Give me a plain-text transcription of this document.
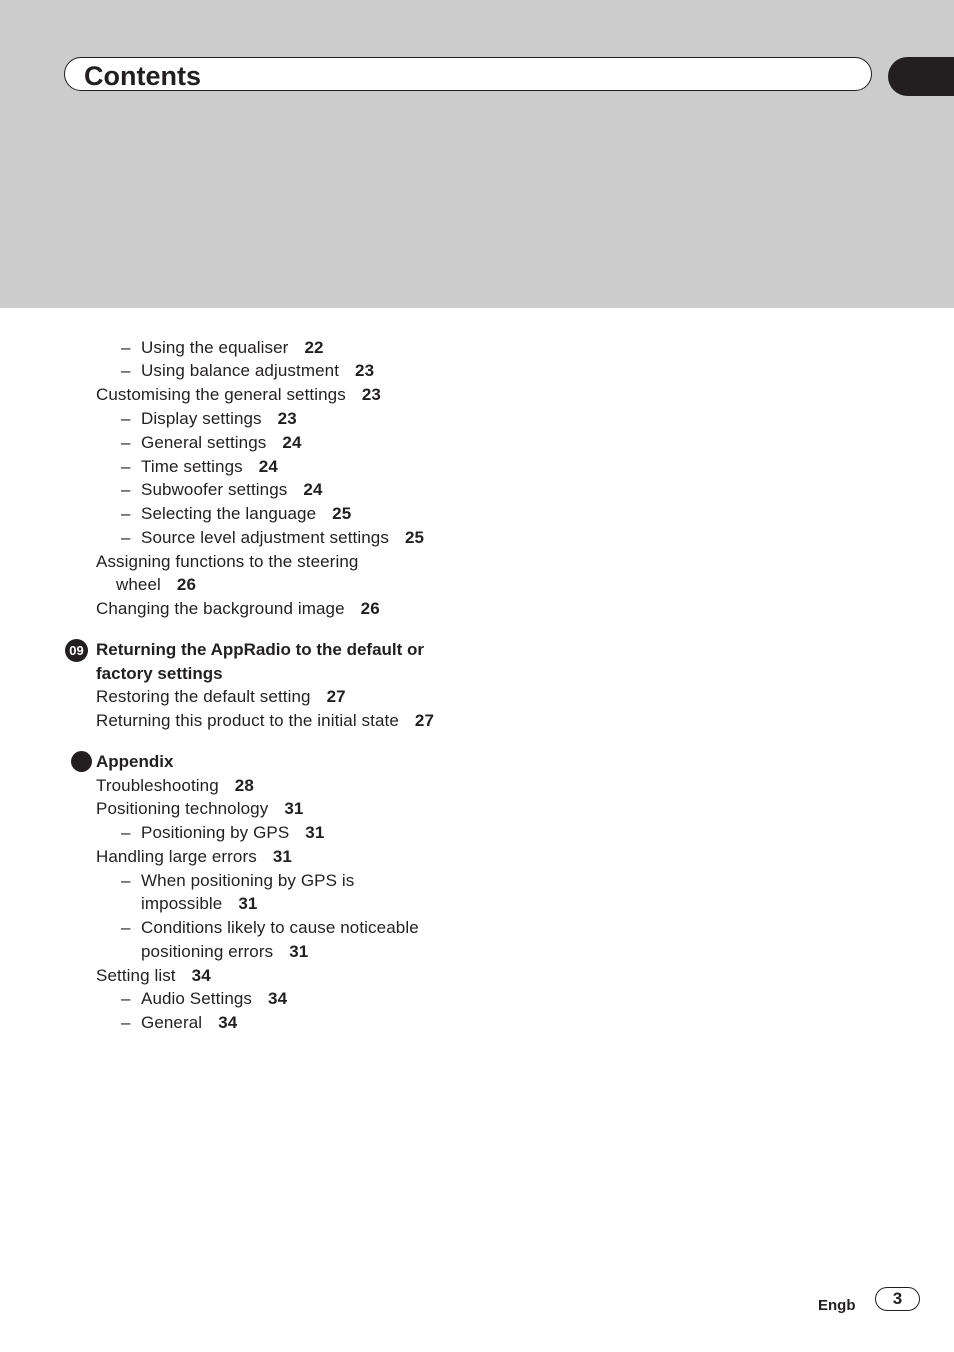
Contents
– Using the equaliser 22
– Using balance adjustment 23
Customising the general settings 23
– Display settings 23
– General settings 24
– Time settings 24
– Subwoofer settings 24
– Selecting the language 25
– Source level adjustment settings 25
Assigning functions to the steering
wheel 26
Changing the background image 26
09 Returning the AppRadio to the default or
factory settings
Restoring the default setting 27
Returning this product to the initial state 27
Appendix
Troubleshooting 28
Positioning technology 31
– Positioning by GPS 31
Handling large errors 31
– When positioning by GPS is
impossible 31
– Conditions likely to cause noticeable
positioning errors 31
Setting list 34
– Audio Settings 34
– General 34
Engb	3
